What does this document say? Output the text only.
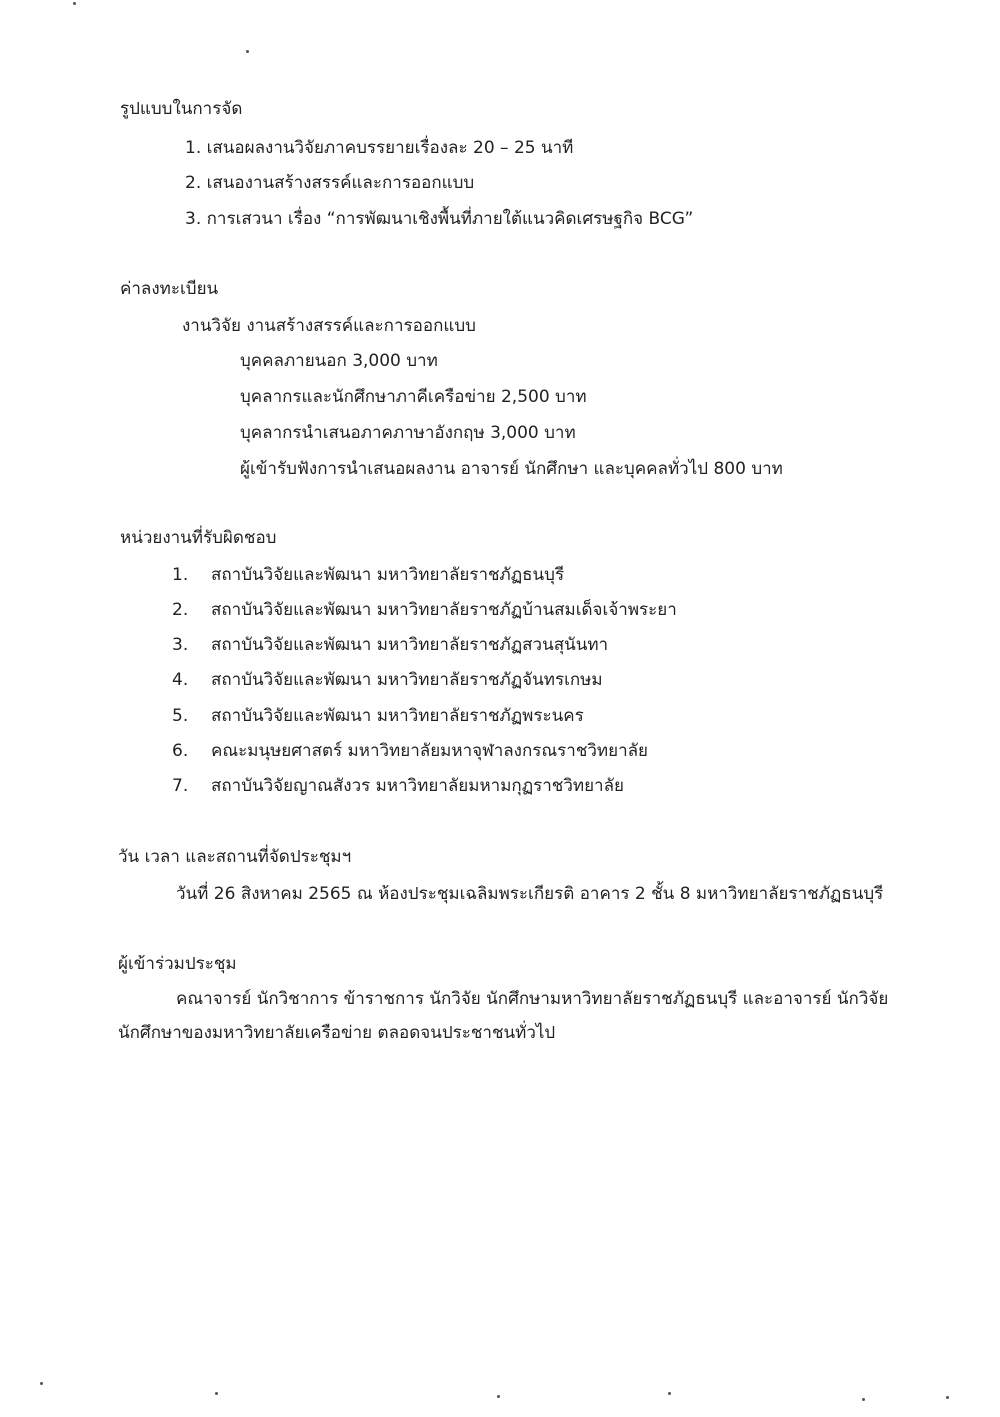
รูปแบบในการจัด
1. เสนอผลงานวิจัยภาคบรรยายเรื่องละ 20 – 25 นาที
2. เสนองานสร้างสรรค์และการออกแบบ
3. การเสวนา เรื่อง “การพัฒนาเชิงพื้นที่ภายใต้แนวคิดเศรษฐกิจ BCG”
ค่าลงทะเบียน
งานวิจัย งานสร้างสรรค์และการออกแบบ
บุคคลภายนอก 3,000 บาท
บุคลากรและนักศึกษาภาคีเครือข่าย 2,500 บาท
บุคลากรนำเสนอภาคภาษาอังกฤษ 3,000 บาท
ผู้เข้ารับฟังการนำเสนอผลงาน อาจารย์ นักศึกษา และบุคคลทั่วไป 800 บาท
หน่วยงานที่รับผิดชอบ
1. สถาบันวิจัยและพัฒนา มหาวิทยาลัยราชภัฏธนบุรี
2. สถาบันวิจัยและพัฒนา มหาวิทยาลัยราชภัฏบ้านสมเด็จเจ้าพระยา
3. สถาบันวิจัยและพัฒนา มหาวิทยาลัยราชภัฏสวนสุนันทา
4. สถาบันวิจัยและพัฒนา มหาวิทยาลัยราชภัฏจันทรเกษม
5. สถาบันวิจัยและพัฒนา มหาวิทยาลัยราชภัฏพระนคร
6. คณะมนุษยศาสตร์ มหาวิทยาลัยมหาจุฬาลงกรณราชวิทยาลัย
7. สถาบันวิจัยญาณสังวร มหาวิทยาลัยมหามกุฏราชวิทยาลัย
วัน เวลา และสถานที่จัดประชุมฯ
วันที่ 26 สิงหาคม 2565 ณ ห้องประชุมเฉลิมพระเกียรติ อาคาร 2 ชั้น 8 มหาวิทยาลัยราชภัฏธนบุรี
ผู้เข้าร่วมประชุม
คณาจารย์ นักวิชาการ ข้าราชการ นักวิจัย นักศึกษามหาวิทยาลัยราชภัฏธนบุรี และอาจารย์ นักวิจัย
นักศึกษาของมหาวิทยาลัยเครือข่าย ตลอดจนประชาชนทั่วไป
